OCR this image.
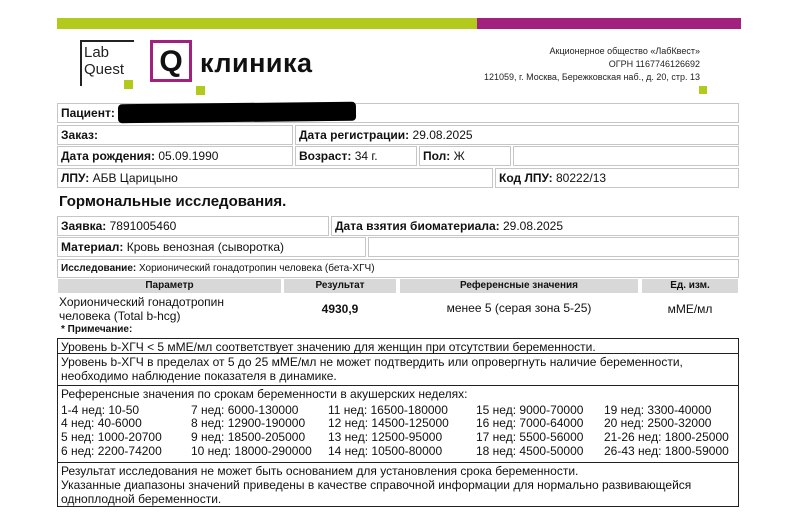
Lab
Quest Q клиника	Акционерное общество «ЛабКвест»
ОГРН 1167746126692
121059, г. Москва, Бережковская наб., д. 20, стр. 13
Пациент:
Заказ:	Дата регистрации: 29.08.2025
Дата рождения: 05.09.1990	Возраст: 34 г.	Пол: Ж
ЛПУ: АБВ Царицыно	Код ЛПУ: 80222/13
Гормональные исследования.
Заявка: 7891005460	Дата взятия биоматериала: 29.08.2025
Материал: Кровь венозная (сыворотка)
Исследование: Хорионический гонадотропин человека (бета-ХГЧ)
Параметр	Результат	Референсные значения	Ед. изм.
Хорионический гонадотропин
человека (Total b-hcg)	4930,9	менее 5 (серая зона 5-25)	мМЕ/мл
* Примечание:
Уровень b-ХГЧ < 5 мМЕ/мл соответствует значению для женщин при отсутствии беременности.
Уровень b-ХГЧ в пределах от 5 до 25 мМЕ/мл не может подтвердить или опровергнуть наличие беременности,
необходимо наблюдение показателя в динамике.
Референсные значения по срокам беременности в акушерских неделях:
1-4 нед: 10-50	7 нед: 6000-130000 11 нед: 16500-180000 15 нед: 9000-70000 19 нед: 3300-40000
4 нед: 40-6000	8 нед: 12900-190000 12 нед: 14500-125000 16 нед: 7000-64000 20 нед: 2500-32000
5 нед: 1000-20700 9 нед: 18500-205000 13 нед: 12500-95000	17 нед: 5500-56000 21-26 нед: 1800-25000
6 нед: 2200-74200 10 нед: 18000-290000 14 нед: 10500-80000	18 нед: 4500-50000 26-43 нед: 1800-59000
Результат исследования не может быть основанием для установления срока беременности.
Указанные диапазоны значений приведены в качестве справочной информации для нормально развивающейся
одноплодной беременности.
